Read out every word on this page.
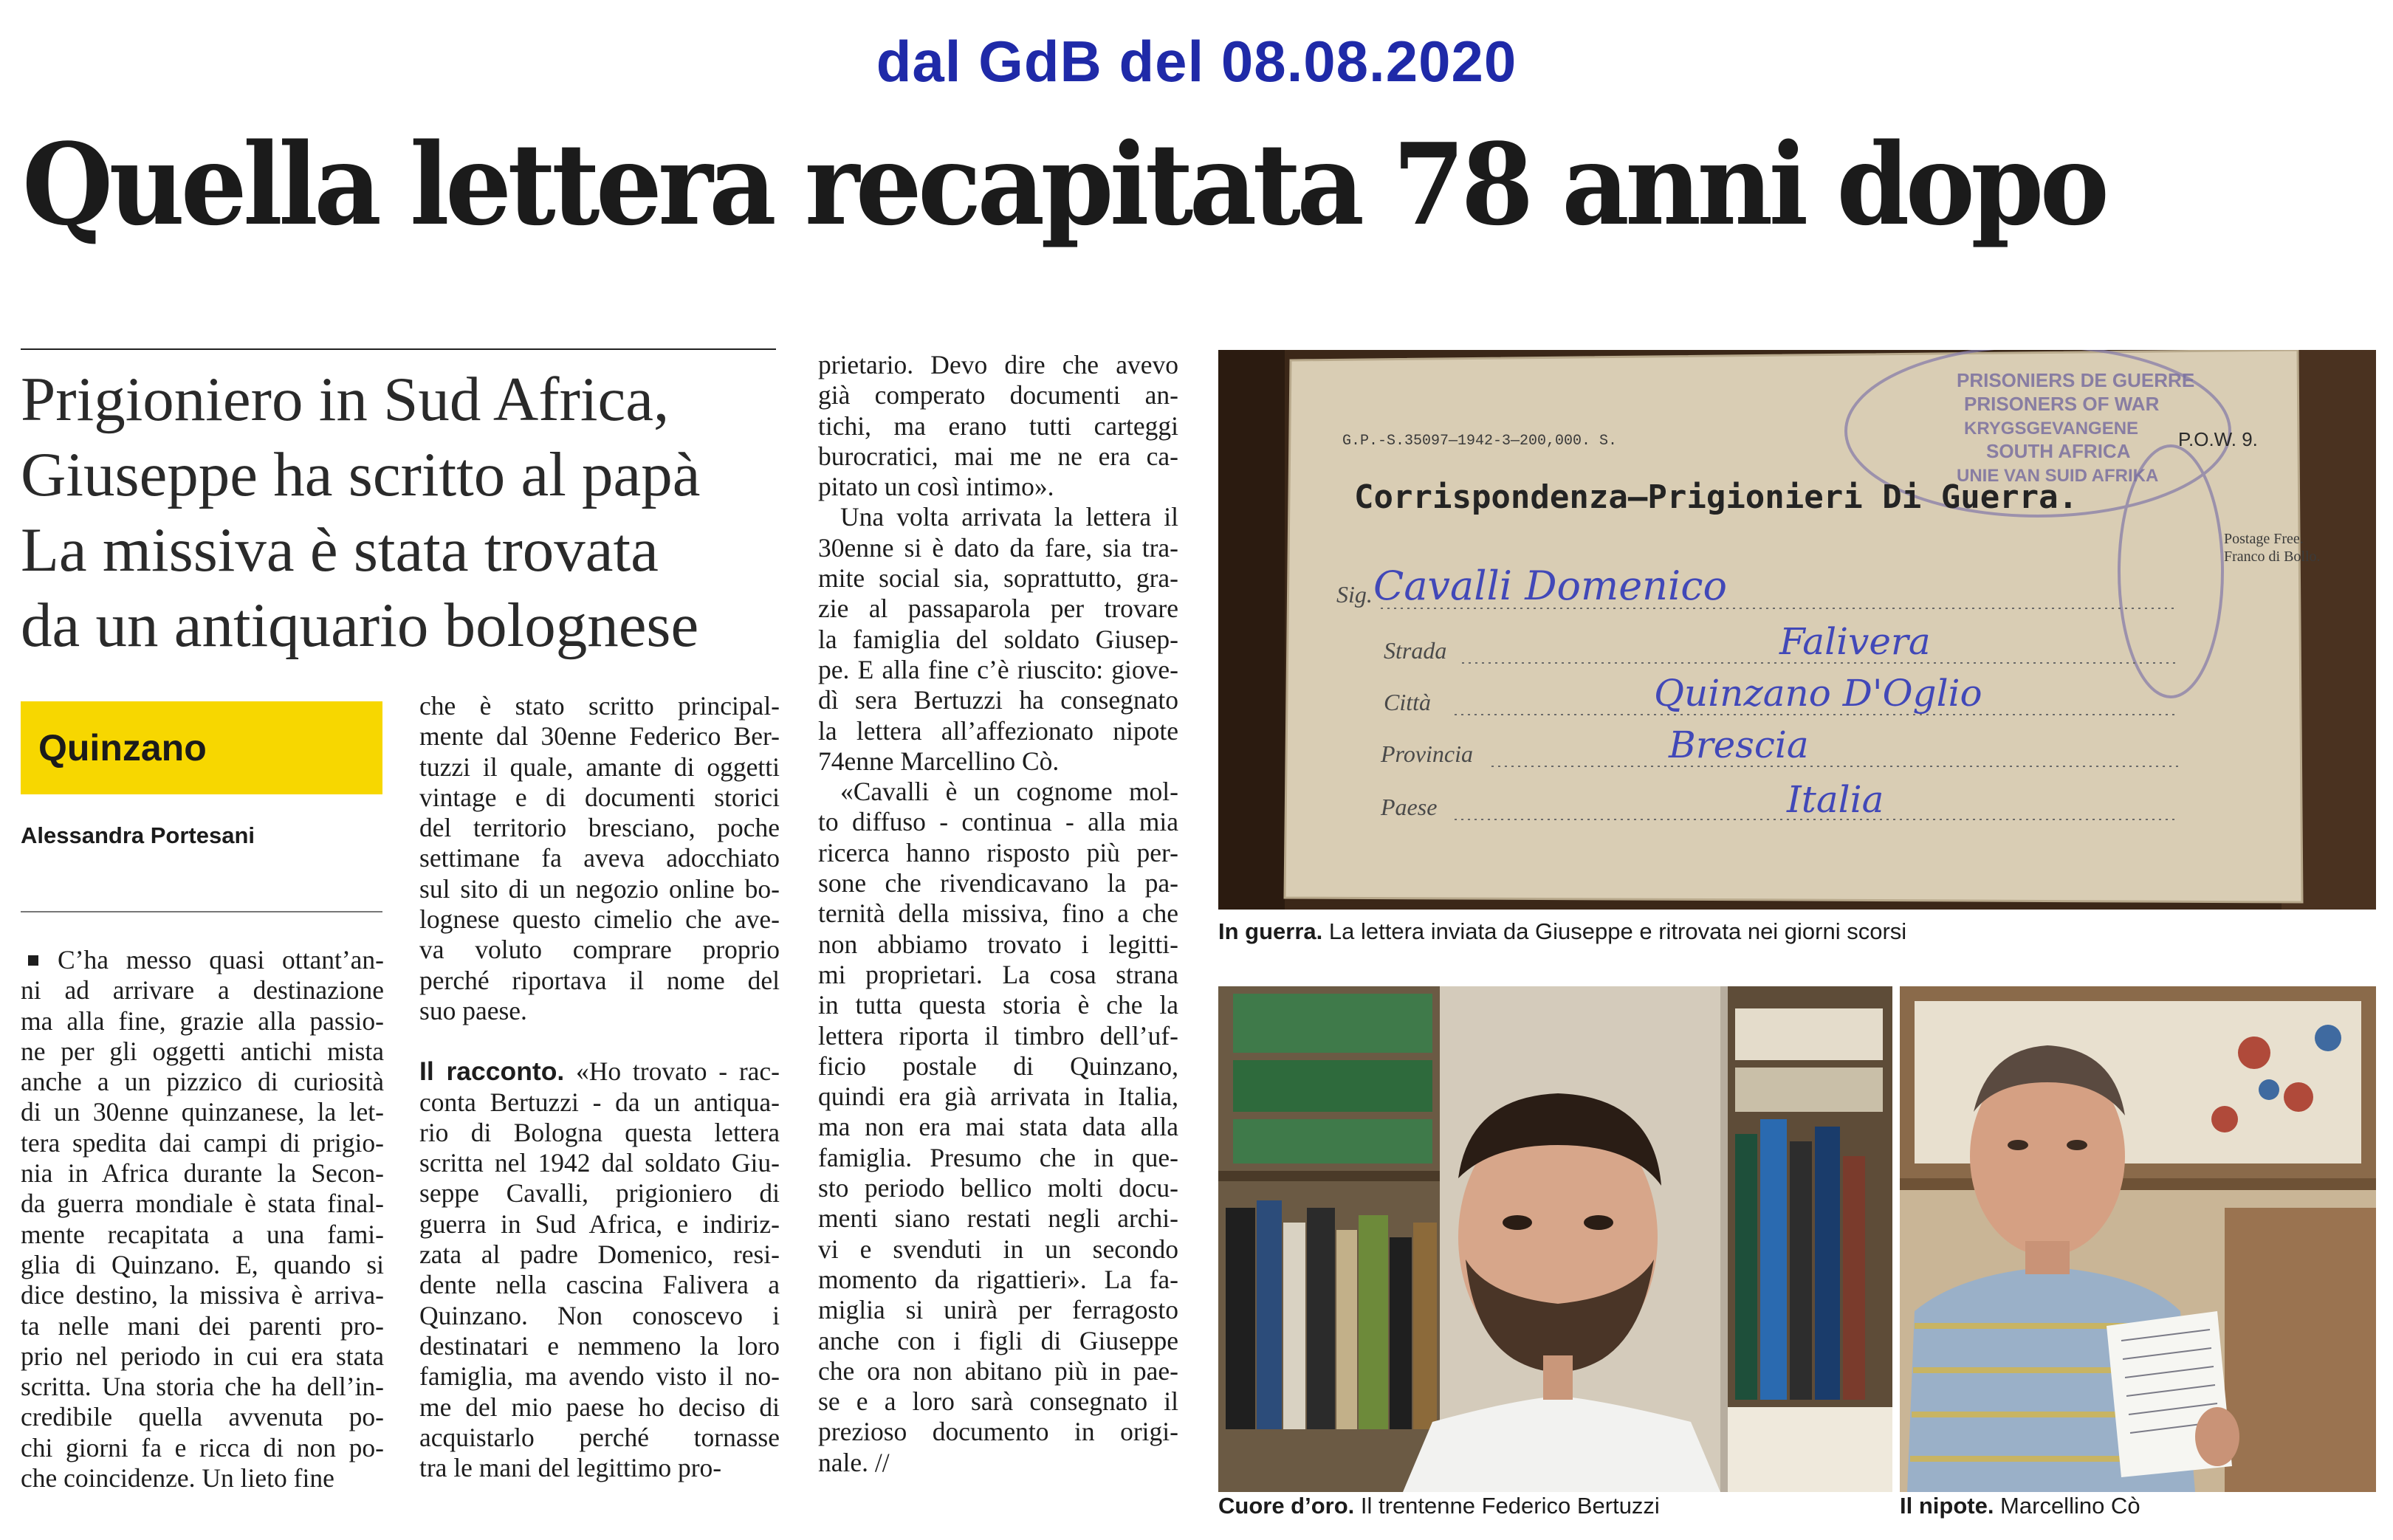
dal GdB del 08.08.2020
Quella lettera recapitata 78 anni dopo
Prigioniero in Sud Africa,
Giuseppe ha scritto al papà
La missiva è stata trovata
da un antiquario bolognese
Quinzano
Alessandra Portesani
C’ha messo quasi ottant’an-
ni ad arrivare a destinazione
ma alla fine, grazie alla passio-
ne per gli oggetti antichi mista
anche a un pizzico di curiosità
di un 30enne quinzanese, la let-
tera spedita dai campi di prigio-
nia in Africa durante la Secon-
da guerra mondiale è stata final-
mente recapitata a una fami-
glia di Quinzano. E, quando si
dice destino, la missiva è arriva-
ta nelle mani dei parenti pro-
prio nel periodo in cui era stata
scritta. Una storia che ha dell’in-
credibile quella avvenuta po-
chi giorni fa e ricca di non po-
che coincidenze. Un lieto fine
che è stato scritto principal-
mente dal 30enne Federico Ber-
tuzzi il quale, amante di oggetti
vintage e di documenti storici
del territorio bresciano, poche
settimane fa aveva adocchiato
sul sito di un negozio online bo-
lognese questo cimelio che ave-
va voluto comprare proprio
perché riportava il nome del
suo paese.
Il racconto. «Ho trovato - rac-
conta Bertuzzi - da un antiqua-
rio di Bologna questa lettera
scritta nel 1942 dal soldato Giu-
seppe Cavalli, prigioniero di
guerra in Sud Africa, e indiriz-
zata al padre Domenico, resi-
dente nella cascina Falivera a
Quinzano. Non conoscevo i
destinatari e nemmeno la loro
famiglia, ma avendo visto il no-
me del mio paese ho deciso di
acquistarlo perché tornasse
tra le mani del legittimo pro-
prietario. Devo dire che avevo
già comperato documenti an-
tichi, ma erano tutti carteggi
burocratici, mai me ne era ca-
pitato un così intimo».
Una volta arrivata la lettera il
30enne si è dato da fare, sia tra-
mite social sia, soprattutto, gra-
zie al passaparola per trovare
la famiglia del soldato Giusep-
pe. E alla fine c’è riuscito: giove-
dì sera Bertuzzi ha consegnato
la lettera all’affezionato nipote
74enne Marcellino Cò.
«Cavalli è un cognome mol-
to diffuso - continua - alla mia
ricerca hanno risposto più per-
sone che rivendicavano la pa-
ternità della missiva, fino a che
non abbiamo trovato i legitti-
mi proprietari. La cosa strana
in tutta questa storia è che la
lettera riporta il timbro dell’uf-
ficio postale di Quinzano,
quindi era già arrivata in Italia,
ma non era mai stata data alla
famiglia. Presumo che in que-
sto periodo bellico molti docu-
menti siano restati negli archi-
vi e svenduti in un secondo
momento da rigattieri». La fa-
miglia si unirà per ferragosto
anche con i figli di Giuseppe
che ora non abitano più in pae-
se e a loro sarà consegnato il
prezioso documento in origi-
nale. //
PRISONIERS DE GUERRE
PRISONERS OF WAR
KRYGSGEVANGENE
SOUTH AFRICA
UNIE VAN SUID AFRIKA
G.P.-S.35097—1942-3—200,000. S.	P.O.W. 9.
Corrispondenza—Prigionieri Di Guerra.
Postage Free.
Franco di Bollo.
Sig.
Strada
Città
Provincia
Paese
Cavalli Domenico
Falivera
Quinzano D'Oglio
Brescia
Italia
In guerra. La lettera inviata da Giuseppe e ritrovata nei giorni scorsi
Cuore d’oro. Il trentenne Federico Bertuzzi	Il nipote. Marcellino Cò
